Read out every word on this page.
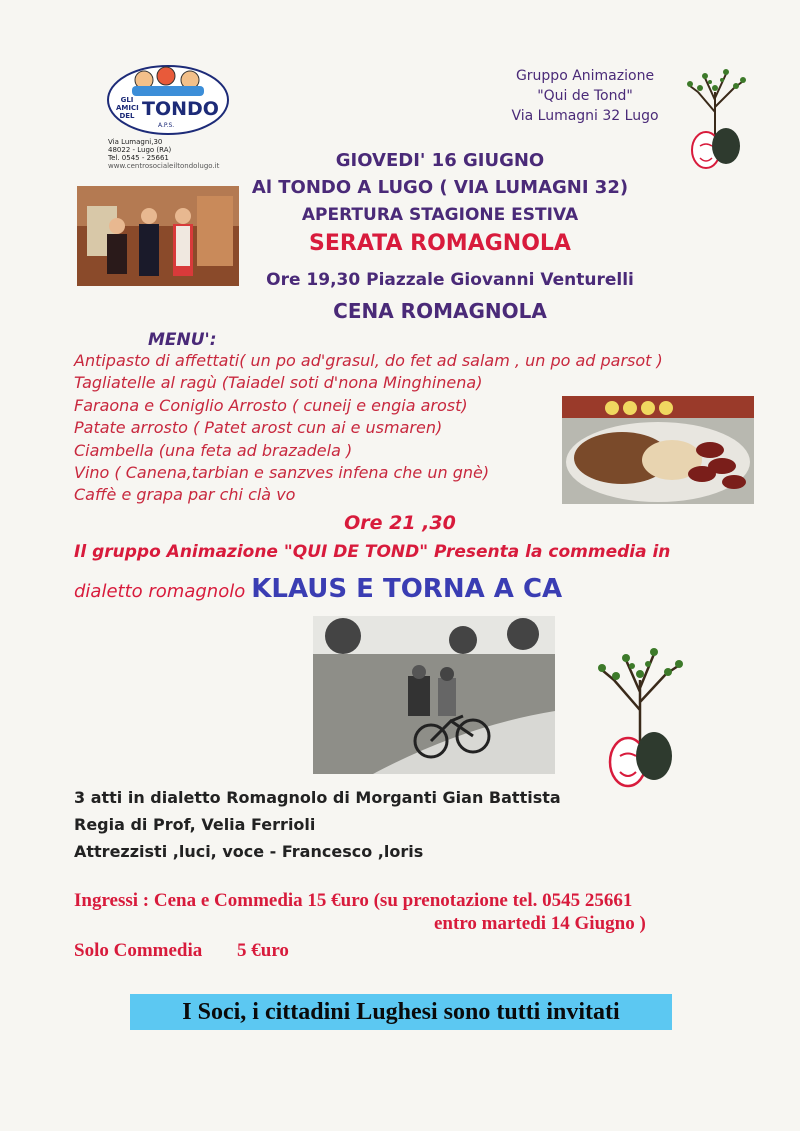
GLI
AMICI
DEL TONDO
A.P.S.
Via Lumagni,30
48022 - Lugo (RA)
Tel. 0545 - 25661
www.centrosocialeiltondolugo.it
Gruppo Animazione
"Qui de Tond"
Via Lumagni 32 Lugo
GIOVEDI' 16 GIUGNO
Al TONDO A LUGO ( VIA LUMAGNI 32)
APERTURA STAGIONE ESTIVA
SERATA ROMAGNOLA
Ore 19,30 Piazzale Giovanni Venturelli
CENA ROMAGNOLA
MENU':
Antipasto di affettati( un po ad'grasul, do fet ad salam , un po ad parsot )
Tagliatelle al ragù (Taiadel soti d'nona Minghinena)
Faraona e Coniglio Arrosto ( cuneij e engia arost)
Patate arrosto ( Patet arost cun ai e usmaren)
Ciambella (una feta ad brazadela )
Vino ( Canena,tarbian e sanzves infena che un gnè)
Caffè e grapa par chi clà vo
Ore 21 ,30
Il gruppo Animazione "QUI DE TOND" Presenta la commedia in
dialetto romagnolo KLAUS E TORNA A CA
3 atti in dialetto Romagnolo di Morganti Gian Battista
Regia di Prof, Velia Ferrioli
Attrezzisti ,luci, voce - Francesco ,loris
Ingressi : Cena e Commedia 15 €uro (su prenotazione tel. 0545 25661
entro martedi 14 Giugno )
Solo Commedia 5 €uro
I Soci, i cittadini Lughesi sono tutti invitati
